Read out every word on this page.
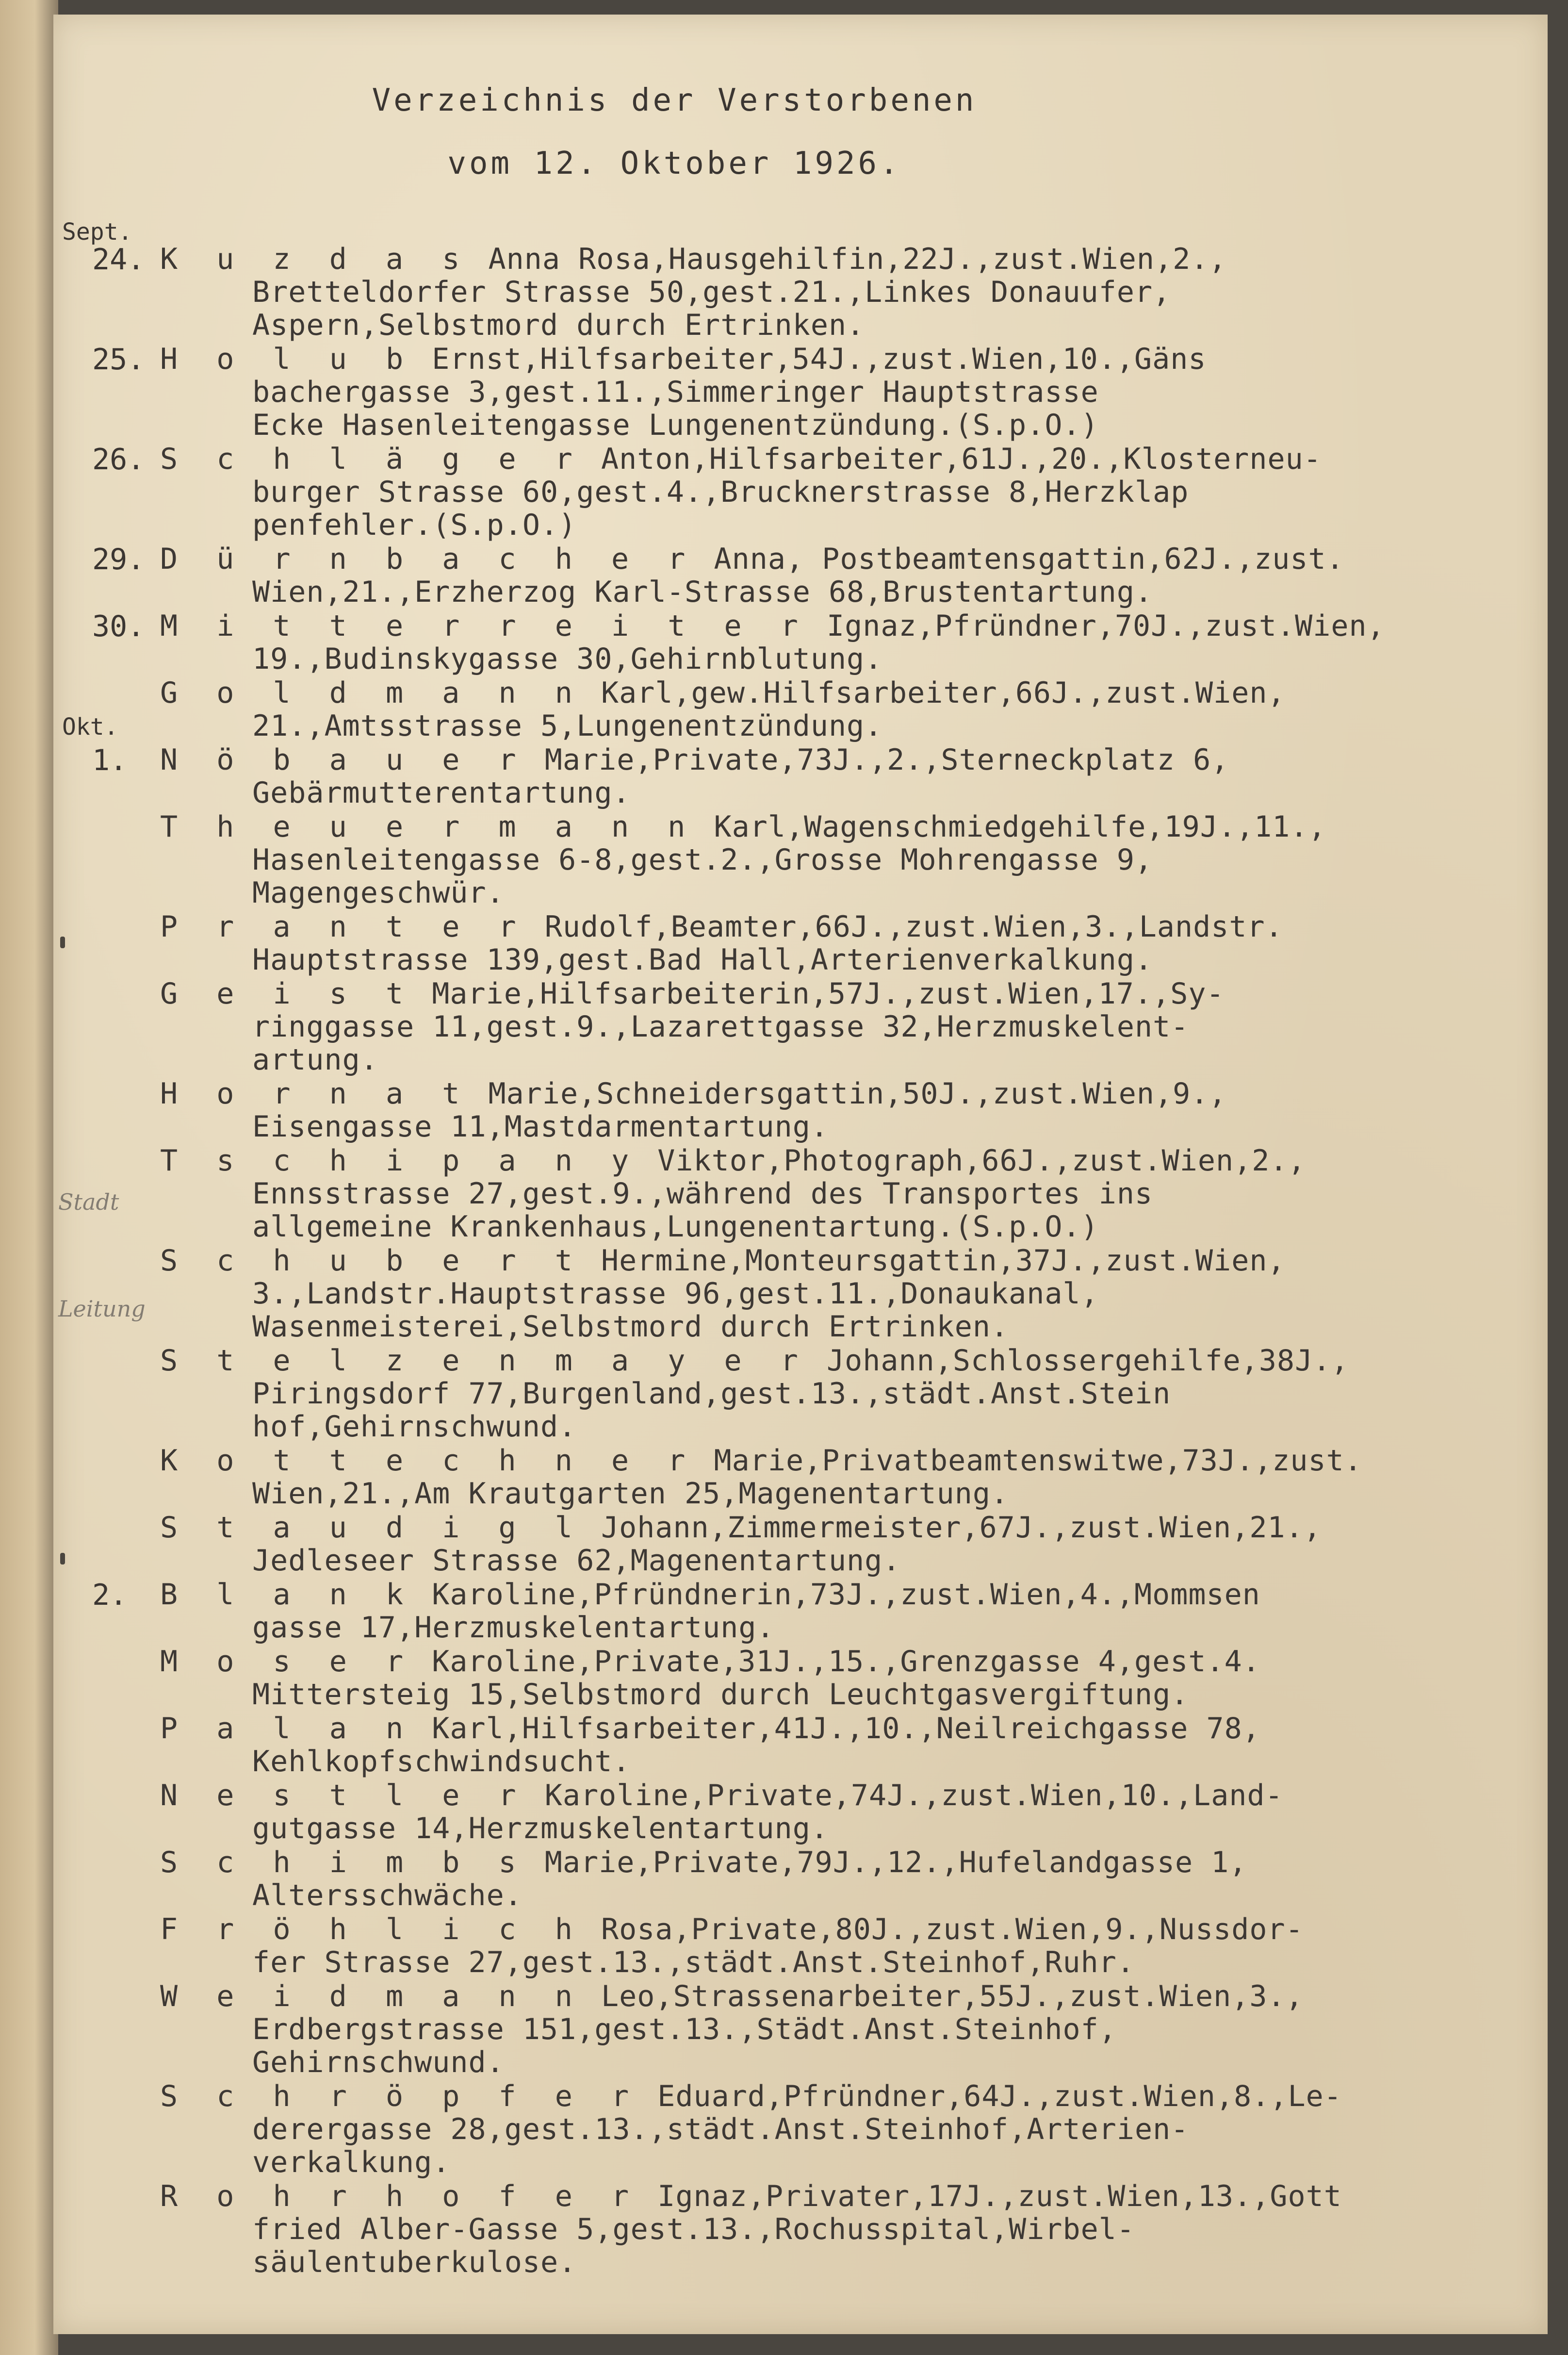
Verzeichnis der Verstorbenen
vom 12. Oktober 1926.
Sept.
Okt.
Stadt
Leitung
24. K u z d a s Anna Rosa,Hausgehilfin,22J.,zust.Wien,2.,
Bretteldorfer Strasse 50,gest.21.,Linkes Donauufer,
Aspern,Selbstmord durch Ertrinken.
25. H o l u b Ernst,Hilfsarbeiter,54J.,zust.Wien,10.,Gäns
bachergasse 3,gest.11.,Simmeringer Hauptstrasse
Ecke Hasenleitengasse Lungenentzündung.(S.p.O.)
26. S c h l ä g e r Anton,Hilfsarbeiter,61J.,20.,Klosterneu-
burger Strasse 60,gest.4.,Brucknerstrasse 8,Herzklap
penfehler.(S.p.O.)
29. D ü r n b a c h e r Anna, Postbeamtensgattin,62J.,zust.
Wien,21.,Erzherzog Karl-Strasse 68,Brustentartung.
30. M i t t e r r e i t e r Ignaz,Pfründner,70J.,zust.Wien,
19.,Budinskygasse 30,Gehirnblutung.
G o l d m a n n Karl,gew.Hilfsarbeiter,66J.,zust.Wien,
21.,Amtsstrasse 5,Lungenentzündung.
1. N ö b a u e r Marie,Private,73J.,2.,Sterneckplatz 6,
Gebärmutterentartung.
T h e u e r m a n n Karl,Wagenschmiedgehilfe,19J.,11.,
Hasenleitengasse 6-8,gest.2.,Grosse Mohrengasse 9,
Magengeschwür.
P r a n t e r Rudolf,Beamter,66J.,zust.Wien,3.,Landstr.
Hauptstrasse 139,gest.Bad Hall,Arterienverkalkung.
G e i s t Marie,Hilfsarbeiterin,57J.,zust.Wien,17.,Sy-
ringgasse 11,gest.9.,Lazarettgasse 32,Herzmuskelent-
artung.
H o r n a t Marie,Schneidersgattin,50J.,zust.Wien,9.,
Eisengasse 11,Mastdarmentartung.
T s c h i p a n y Viktor,Photograph,66J.,zust.Wien,2.,
Ennsstrasse 27,gest.9.,während des Transportes ins
allgemeine Krankenhaus,Lungenentartung.(S.p.O.)
S c h u b e r t Hermine,Monteursgattin,37J.,zust.Wien,
3.,Landstr.Hauptstrasse 96,gest.11.,Donaukanal,
Wasenmeisterei,Selbstmord durch Ertrinken.
S t e l z e n m a y e r Johann,Schlossergehilfe,38J.,
Piringsdorf 77,Burgenland,gest.13.,städt.Anst.Stein
hof,Gehirnschwund.
K o t t e c h n e r Marie,Privatbeamtenswitwe,73J.,zust.
Wien,21.,Am Krautgarten 25,Magenentartung.
S t a u d i g l Johann,Zimmermeister,67J.,zust.Wien,21.,
Jedleseer Strasse 62,Magenentartung.
2. B l a n k Karoline,Pfründnerin,73J.,zust.Wien,4.,Mommsen
gasse 17,Herzmuskelentartung.
M o s e r Karoline,Private,31J.,15.,Grenzgasse 4,gest.4.
Mittersteig 15,Selbstmord durch Leuchtgasvergiftung.
P a l a n Karl,Hilfsarbeiter,41J.,10.,Neilreichgasse 78,
Kehlkopfschwindsucht.
N e s t l e r Karoline,Private,74J.,zust.Wien,10.,Land-
gutgasse 14,Herzmuskelentartung.
S c h i m b s Marie,Private,79J.,12.,Hufelandgasse 1,
Altersschwäche.
F r ö h l i c h Rosa,Private,80J.,zust.Wien,9.,Nussdor-
fer Strasse 27,gest.13.,städt.Anst.Steinhof,Ruhr.
W e i d m a n n Leo,Strassenarbeiter,55J.,zust.Wien,3.,
Erdbergstrasse 151,gest.13.,Städt.Anst.Steinhof,
Gehirnschwund.
S c h r ö p f e r Eduard,Pfründner,64J.,zust.Wien,8.,Le-
derergasse 28,gest.13.,städt.Anst.Steinhof,Arterien-
verkalkung.
R o h r h o f e r Ignaz,Privater,17J.,zust.Wien,13.,Gott
fried Alber-Gasse 5,gest.13.,Rochusspital,Wirbel-
säulentuberkulose.
